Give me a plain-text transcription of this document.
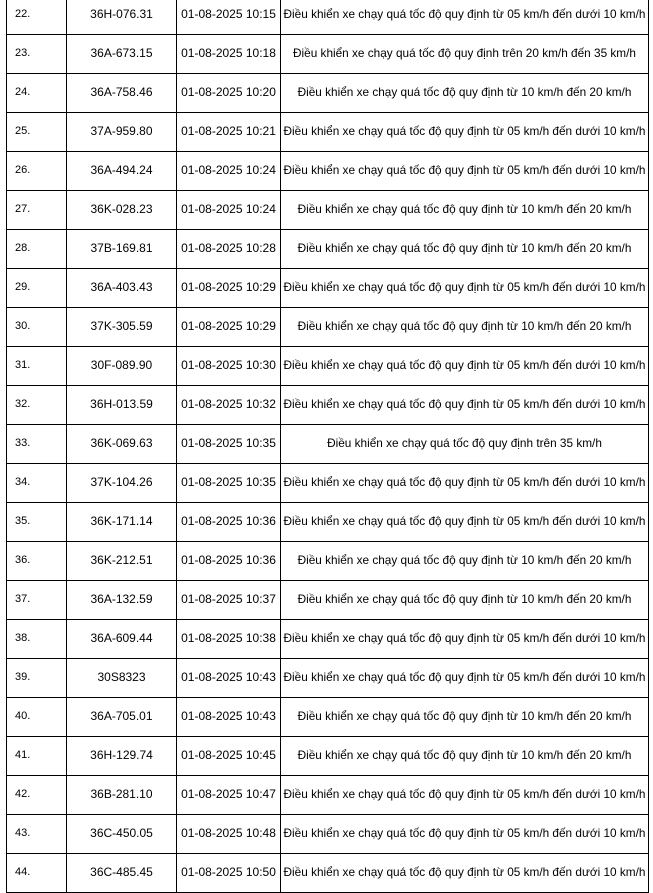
22.	36H-076.31	01-08-2025 10:15	Điều khiển xe chạy quá tốc độ quy định từ 05 km/h đến dưới 10 km/h
23.	36A-673.15	01-08-2025 10:18	Điều khiển xe chạy quá tốc độ quy định trên 20 km/h đến 35 km/h
24.	36A-758.46	01-08-2025 10:20	Điều khiển xe chạy quá tốc độ quy định từ 10 km/h đến 20 km/h
25.	37A-959.80	01-08-2025 10:21	Điều khiển xe chạy quá tốc độ quy định từ 05 km/h đến dưới 10 km/h
26.	36A-494.24	01-08-2025 10:24	Điều khiển xe chạy quá tốc độ quy định từ 05 km/h đến dưới 10 km/h
27.	36K-028.23	01-08-2025 10:24	Điều khiển xe chạy quá tốc độ quy định từ 10 km/h đến 20 km/h
28.	37B-169.81	01-08-2025 10:28	Điều khiển xe chạy quá tốc độ quy định từ 10 km/h đến 20 km/h
29.	36A-403.43	01-08-2025 10:29	Điều khiển xe chạy quá tốc độ quy định từ 05 km/h đến dưới 10 km/h
30.	37K-305.59	01-08-2025 10:29	Điều khiển xe chạy quá tốc độ quy định từ 10 km/h đến 20 km/h
31.	30F-089.90	01-08-2025 10:30	Điều khiển xe chạy quá tốc độ quy định từ 05 km/h đến dưới 10 km/h
32.	36H-013.59	01-08-2025 10:32	Điều khiển xe chạy quá tốc độ quy định từ 05 km/h đến dưới 10 km/h
33.	36K-069.63	01-08-2025 10:35	Điều khiển xe chạy quá tốc độ quy định trên 35 km/h
34.	37K-104.26	01-08-2025 10:35	Điều khiển xe chạy quá tốc độ quy định từ 05 km/h đến dưới 10 km/h
35.	36K-171.14	01-08-2025 10:36	Điều khiển xe chạy quá tốc độ quy định từ 05 km/h đến dưới 10 km/h
36.	36K-212.51	01-08-2025 10:36	Điều khiển xe chạy quá tốc độ quy định từ 10 km/h đến 20 km/h
37.	36A-132.59	01-08-2025 10:37	Điều khiển xe chạy quá tốc độ quy định từ 10 km/h đến 20 km/h
38.	36A-609.44	01-08-2025 10:38	Điều khiển xe chạy quá tốc độ quy định từ 05 km/h đến dưới 10 km/h
39.	30S8323	01-08-2025 10:43	Điều khiển xe chạy quá tốc độ quy định từ 05 km/h đến dưới 10 km/h
40.	36A-705.01	01-08-2025 10:43	Điều khiển xe chạy quá tốc độ quy định từ 10 km/h đến 20 km/h
41.	36H-129.74	01-08-2025 10:45	Điều khiển xe chạy quá tốc độ quy định từ 10 km/h đến 20 km/h
42.	36B-281.10	01-08-2025 10:47	Điều khiển xe chạy quá tốc độ quy định từ 05 km/h đến dưới 10 km/h
43.	36C-450.05	01-08-2025 10:48	Điều khiển xe chạy quá tốc độ quy định từ 05 km/h đến dưới 10 km/h
44.	36C-485.45	01-08-2025 10:50	Điều khiển xe chạy quá tốc độ quy định từ 05 km/h đến dưới 10 km/h
